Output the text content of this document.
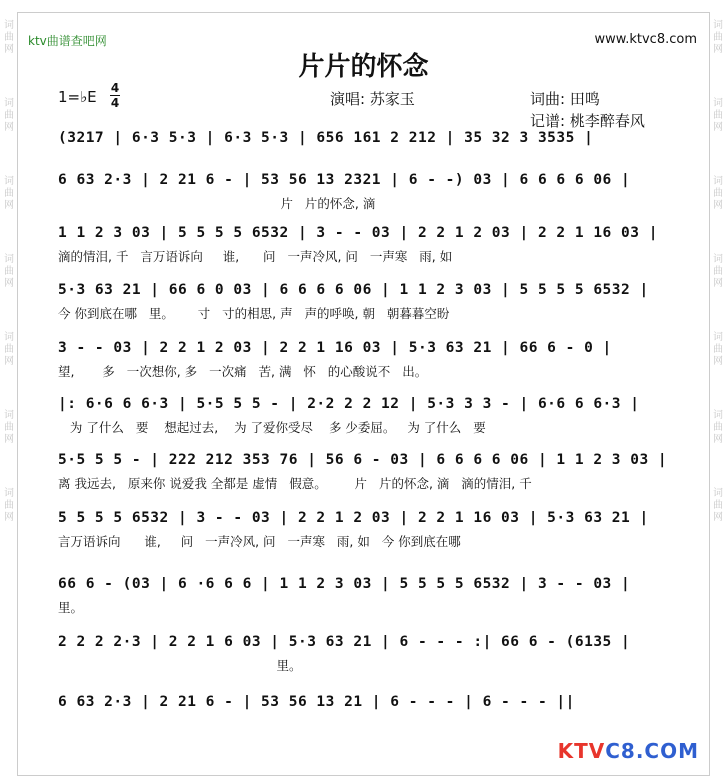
词
曲
网
词
曲
网
词
曲
网
词
曲
网
词
曲
网
词
曲
网
词
曲
网
词
曲
网
词
曲
网
词
曲
网
词
曲
网
词
曲
网
词
曲
网
词
曲
网
ktv曲谱查吧网	www.ktvc8.com
片片的怀念
1=♭E 4
4	演唱: 苏家玉	词曲: 田鸣
记谱: 桃李醉春风
(3217 | 6·3 5·3 | 6·3 5·3 | 656 161 2 212 | 35 32 3 3535 |
6 63 2·3 | 2 21 6 - | 53 56 13 2321 | 6 - -) 03 | 6 6 6 6 06 |
片   片的怀念, 滴
1 1 2 3 03 | 5 5 5 5 6532 | 3 - - 03 | 2 2 1 2 03 | 2 2 1 16 03 |
滴的情泪, 千   言万语诉向     谁,      问   一声冷风, 问   一声寒   雨, 如
5·3 63 21 | 66 6 0 03 | 6 6 6 6 06 | 1 1 2 3 03 | 5 5 5 5 6532 |
今 你到底在哪   里。      寸   寸的相思, 声   声的呼唤, 朝   朝暮暮空盼
3 - - 03 | 2 2 1 2 03 | 2 2 1 16 03 | 5·3 63 21 | 66 6 - 0 |
望,       多   一次想你, 多   一次痛   苦, 满   怀   的心酸说不   出。
|: 6·6 6 6·3 | 5·5 5 5 - | 2·2 2 2 12 | 5·3 3 3 - | 6·6 6 6·3 |
为 了什么   要    想起过去,    为 了爱你受尽    多 少委屈。   为 了什么   要
5·5 5 5 - | 222 212 353 76 | 56 6 - 03 | 6 6 6 6 06 | 1 1 2 3 03 |
离 我远去,   原来你 说爱我 全都是 虚情   假意。       片   片的怀念, 滴   滴的情泪, 千
5 5 5 5 6532 | 3 - - 03 | 2 2 1 2 03 | 2 2 1 16 03 | 5·3 63 21 |
言万语诉向      谁,     问   一声冷风, 问   一声寒   雨, 如   今 你到底在哪
66 6 - (03 | 6 ·6 6 6 | 1 1 2 3 03 | 5 5 5 5 6532 | 3 - - 03 |
里。
2 2 2 2·3 | 2 2 1 6 03 | 5·3 63 21 | 6 - - - :| 66 6 - (6135 |
里。
6 63 2·3 | 2 21 6 - | 53 56 13 21 | 6 - - - | 6 - - - ||
KTVC8.COM
